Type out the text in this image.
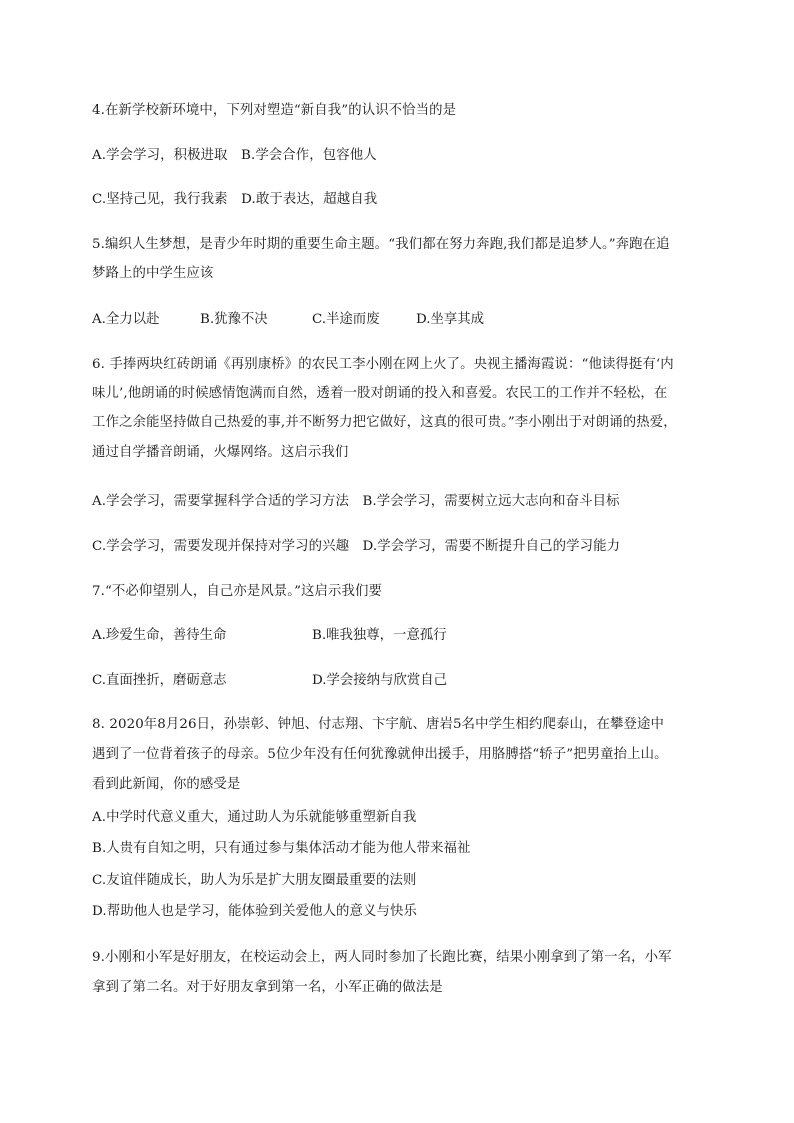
4.在新学校新环境中，下列对塑造“新自我”的认识不恰当的是
A.学会学习，积极进取　B.学会合作，包容他人
C.坚持己见，我行我素　D.敢于表达，超越自我
5.编织人生梦想，是青少年时期的重要生命主题。“我们都在努力奔跑,我们都是追梦人。”奔跑在追
梦路上的中学生应该
A.全力以赴	B.犹豫不决	C.半途而废	D.坐享其成
6. 手捧两块红砖朗诵《再别康桥》的农民工李小刚在网上火了。央视主播海霞说：“他读得挺有‘内
味儿’,他朗诵的时候感情饱满而自然，透着一股对朗诵的投入和喜爱。农民工的工作并不轻松，在
工作之余能坚持做自己热爱的事,并不断努力把它做好，这真的很可贵。”李小刚出于对朗诵的热爱，
通过自学播音朗诵，火爆网络。这启示我们
A.学会学习，需要掌握科学合适的学习方法　B.学会学习，需要树立远大志向和奋斗目标
C.学会学习，需要发现并保持对学习的兴趣　D.学会学习，需要不断提升自己的学习能力
7.“不必仰望别人，自己亦是风景。”这启示我们要
A.珍爱生命，善待生命	B.唯我独尊，一意孤行
C.直面挫折，磨砺意志	D.学会接纳与欣赏自己
8. 2020年8月26日，孙崇彰、钟旭、付志翔、卞宇航、唐岩5名中学生相约爬泰山，在攀登途中
遇到了一位背着孩子的母亲。5位少年没有任何犹豫就伸出援手，用胳膊搭“轿子”把男童抬上山。
看到此新闻，你的感受是
A.中学时代意义重大，通过助人为乐就能够重塑新自我
B.人贵有自知之明，只有通过参与集体活动才能为他人带来福祉
C.友谊伴随成长，助人为乐是扩大朋友圈最重要的法则
D.帮助他人也是学习，能体验到关爱他人的意义与快乐
9.小刚和小军是好朋友，在校运动会上，两人同时参加了长跑比赛，结果小刚拿到了第一名，小军
拿到了第二名。对于好朋友拿到第一名，小军正确的做法是
